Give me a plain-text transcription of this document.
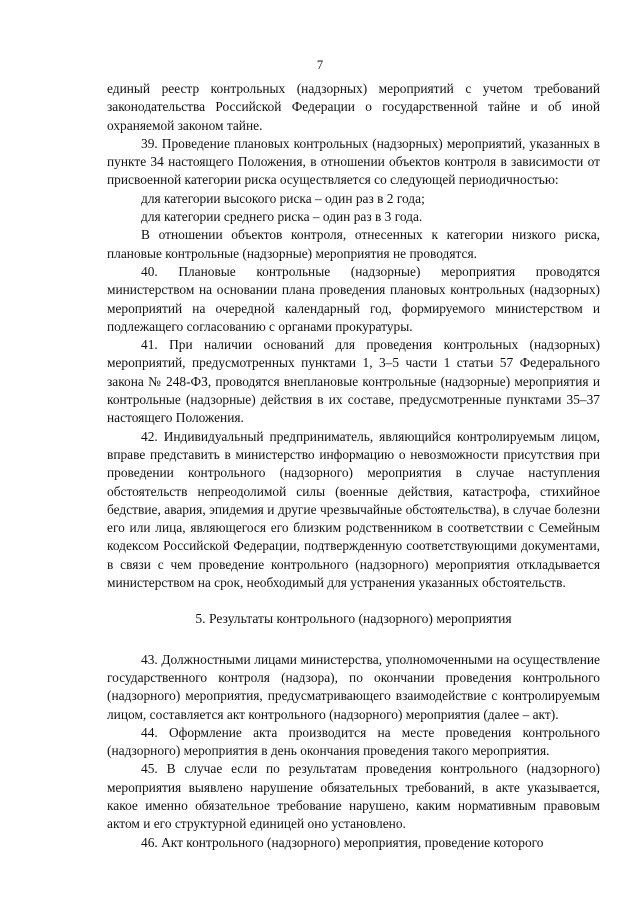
7

единый реестр контрольных (надзорных) мероприятий с учетом требований законодательства Российской Федерации о государственной тайне и об иной охраняемой законом тайне.

39. Проведение плановых контрольных (надзорных) мероприятий, указанных в пункте 34 настоящего Положения, в отношении объектов контроля в зависимости от присвоенной категории риска осуществляется со следующей периодичностью:

для категории высокого риска – один раз в 2 года;

для категории среднего риска – один раз в 3 года.

В отношении объектов контроля, отнесенных к категории низкого риска, плановые контрольные (надзорные) мероприятия не проводятся.

40. Плановые контрольные (надзорные) мероприятия проводятся министерством на основании плана проведения плановых контрольных (надзорных) мероприятий на очередной календарный год, формируемого министерством и подлежащего согласованию с органами прокуратуры.

41. При наличии оснований для проведения контрольных (надзорных) мероприятий, предусмотренных пунктами 1, 3–5 части 1 статьи 57 Федерального закона № 248-ФЗ, проводятся внеплановые контрольные (надзорные) мероприятия и контрольные (надзорные) действия в их составе, предусмотренные пунктами 35–37 настоящего Положения.

42. Индивидуальный предприниматель, являющийся контролируемым лицом, вправе представить в министерство информацию о невозможности присутствия при проведении контрольного (надзорного) мероприятия в случае наступления обстоятельств непреодолимой силы (военные действия, катастрофа, стихийное бедствие, авария, эпидемия и другие чрезвычайные обстоятельства), в случае болезни его или лица, являющегося его близким родственником в соответствии с Семейным кодексом Российской Федерации, подтвержденную соответствующими документами, в связи с чем проведение контрольного (надзорного) мероприятия откладывается министерством на срок, необходимый для устранения указанных обстоятельств.

5. Результаты контрольного (надзорного) мероприятия

43. Должностными лицами министерства, уполномоченными на осуществление государственного контроля (надзора), по окончании проведения контрольного (надзорного) мероприятия, предусматривающего взаимодействие с контролируемым лицом, составляется акт контрольного (надзорного) мероприятия (далее – акт).

44. Оформление акта производится на месте проведения контрольного (надзорного) мероприятия в день окончания проведения такого мероприятия.

45. В случае если по результатам проведения контрольного (надзорного) мероприятия выявлено нарушение обязательных требований, в акте указывается, какое именно обязательное требование нарушено, каким нормативным правовым актом и его структурной единицей оно установлено.

46. Акт контрольного (надзорного) мероприятия, проведение которого
